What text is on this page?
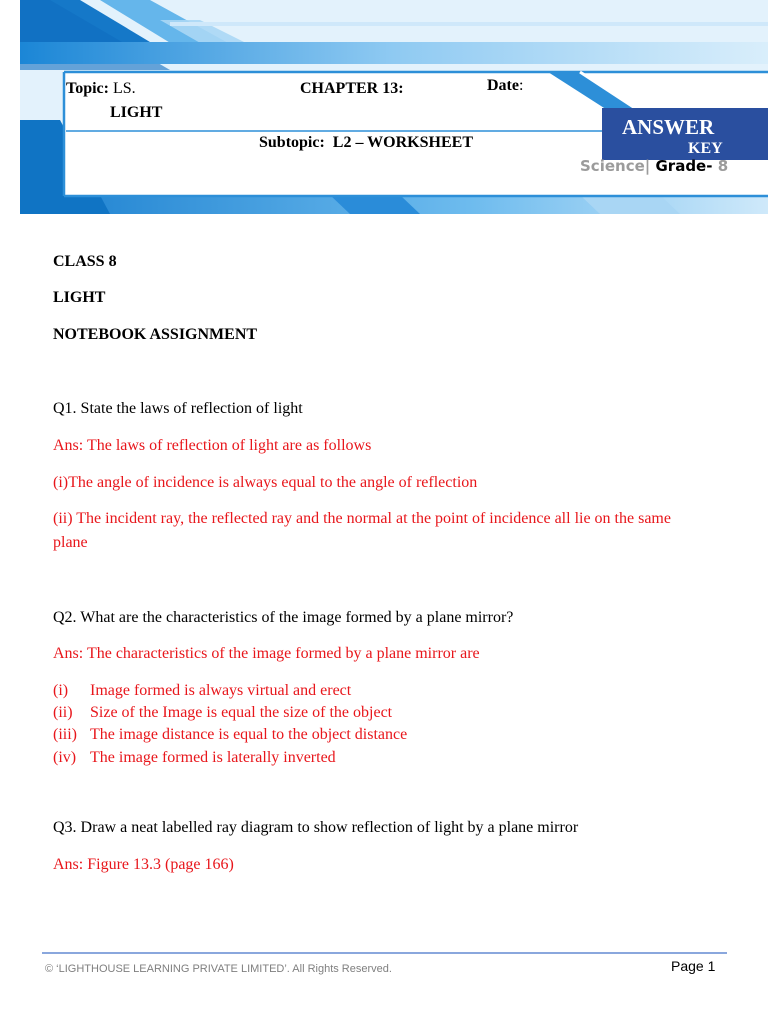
Topic: LS.
LIGHT
CHAPTER 13:	Date:
Subtopic: L2 – WORKSHEET
ANSWER
KEY
Science| Grade- 8
CLASS 8
LIGHT
NOTEBOOK ASSIGNMENT
Q1. State the laws of reflection of light
Ans: The laws of reflection of light are as follows
(i)The angle of incidence is always equal to the angle of reflection
(ii) The incident ray, the reflected ray and the normal at the point of incidence all lie on the same plane
Q2. What are the characteristics of the image formed by a plane mirror?
Ans: The characteristics of the image formed by a plane mirror are
(i) Image formed is always virtual and erect
(ii) Size of the Image is equal the size of the object
(iii) The image distance is equal to the object distance
(iv) The image formed is laterally inverted
Q3. Draw a neat labelled ray diagram to show reflection of light by a plane mirror
Ans: Figure 13.3 (page 166)
© ‘LIGHTHOUSE LEARNING PRIVATE LIMITED’. All Rights Reserved.	Page 1
